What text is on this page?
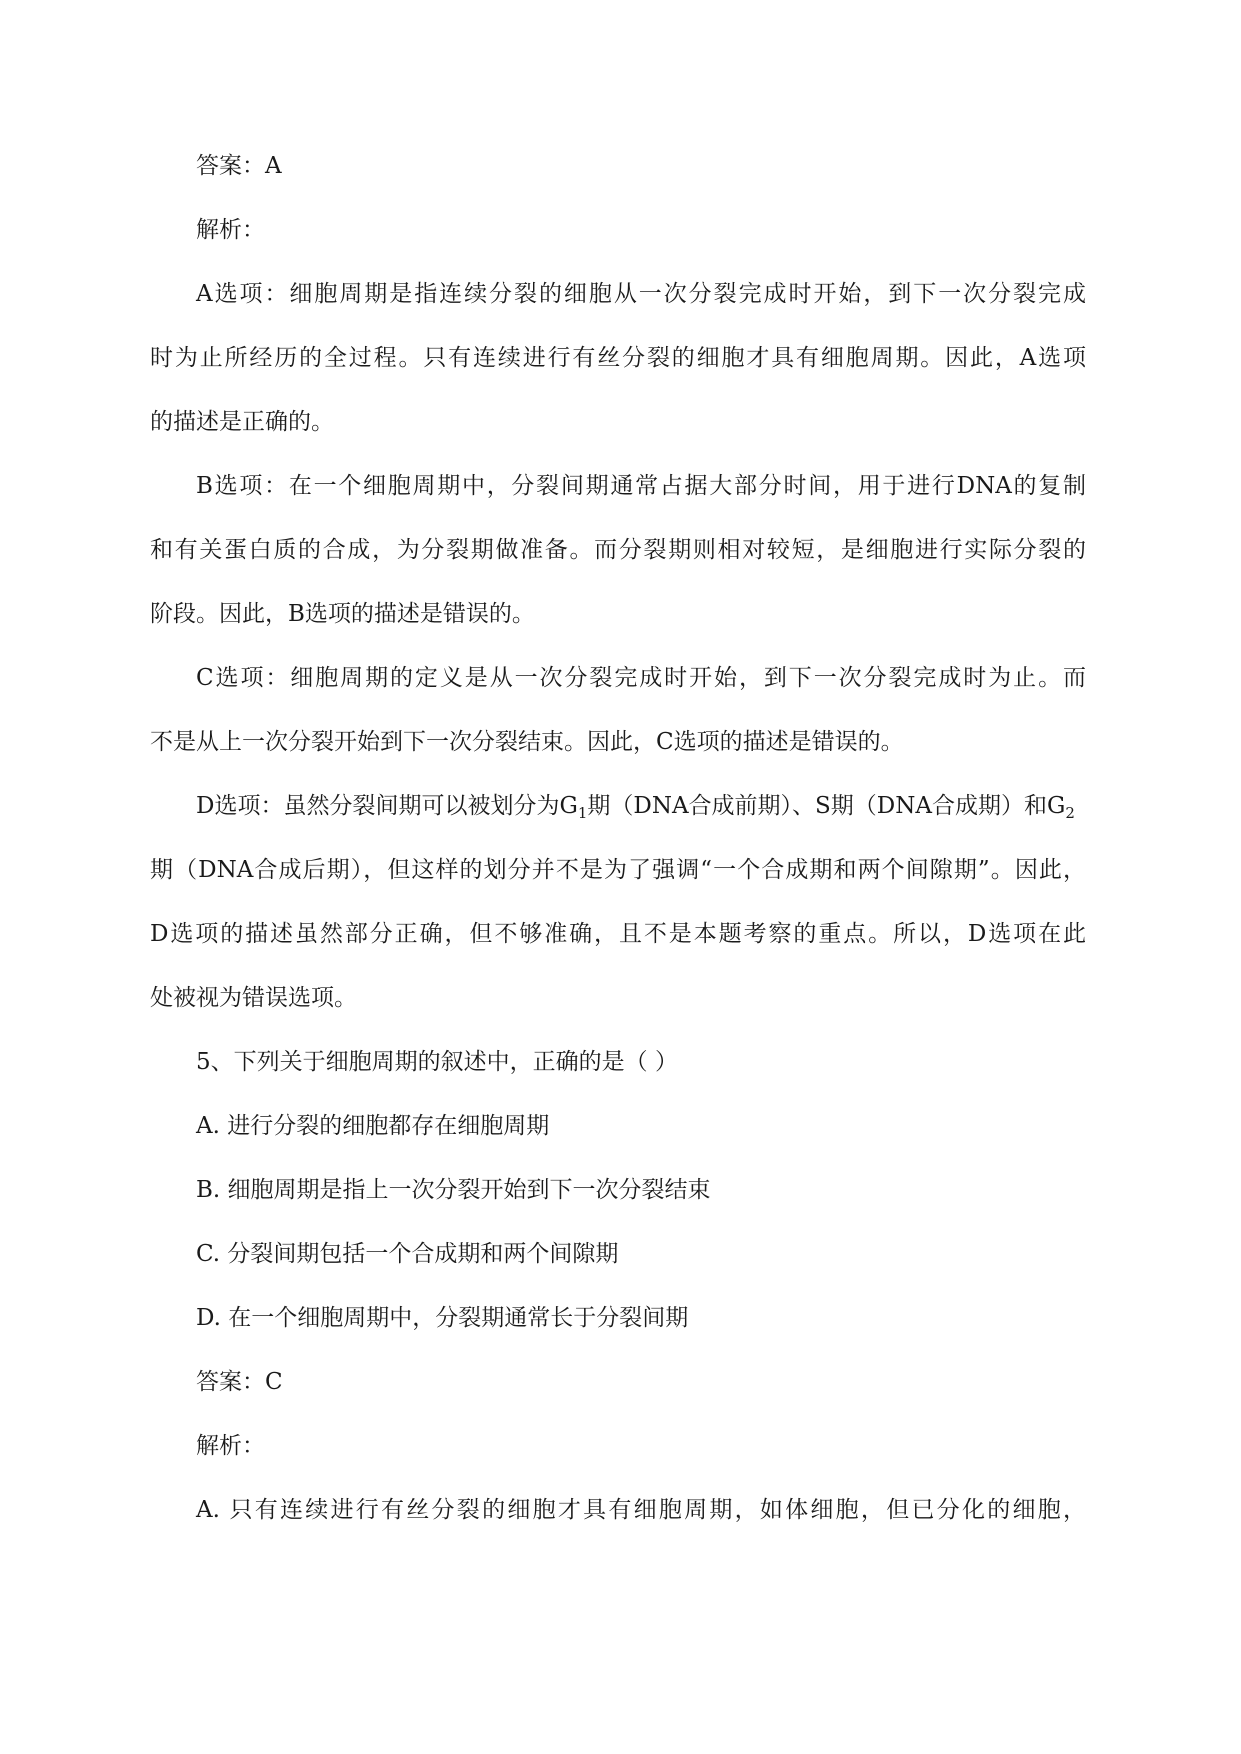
答案：A
解析：
A选项：细胞周期是指连续分裂的细胞从一次分裂完成时开始，到下一次分裂完成
时为止所经历的全过程。只有连续进行有丝分裂的细胞才具有细胞周期。因此，A选项
的描述是正确的。
B选项：在一个细胞周期中，分裂间期通常占据大部分时间，用于进行DNA的复制
和有关蛋白质的合成，为分裂期做准备。而分裂期则相对较短，是细胞进行实际分裂的
阶段。因此，B选项的描述是错误的。
C选项：细胞周期的定义是从一次分裂完成时开始，到下一次分裂完成时为止。而
不是从上一次分裂开始到下一次分裂结束。因此，C选项的描述是错误的。
D选项：虽然分裂间期可以被划分为$G_1$期（DNA合成前期）、S期（DNA合成期）和$G_2$
期（DNA合成后期），但这样的划分并不是为了强调“一个合成期和两个间隙期”。因此，
D选项的描述虽然部分正确，但不够准确，且不是本题考察的重点。所以，D选项在此
处被视为错误选项。
5、下列关于细胞周期的叙述中，正确的是（ ）
A. 进行分裂的细胞都存在细胞周期
B. 细胞周期是指上一次分裂开始到下一次分裂结束
C. 分裂间期包括一个合成期和两个间隙期
D. 在一个细胞周期中，分裂期通常长于分裂间期
答案：C
解析：
A. 只有连续进行有丝分裂的细胞才具有细胞周期，如体细胞，但已分化的细胞，
